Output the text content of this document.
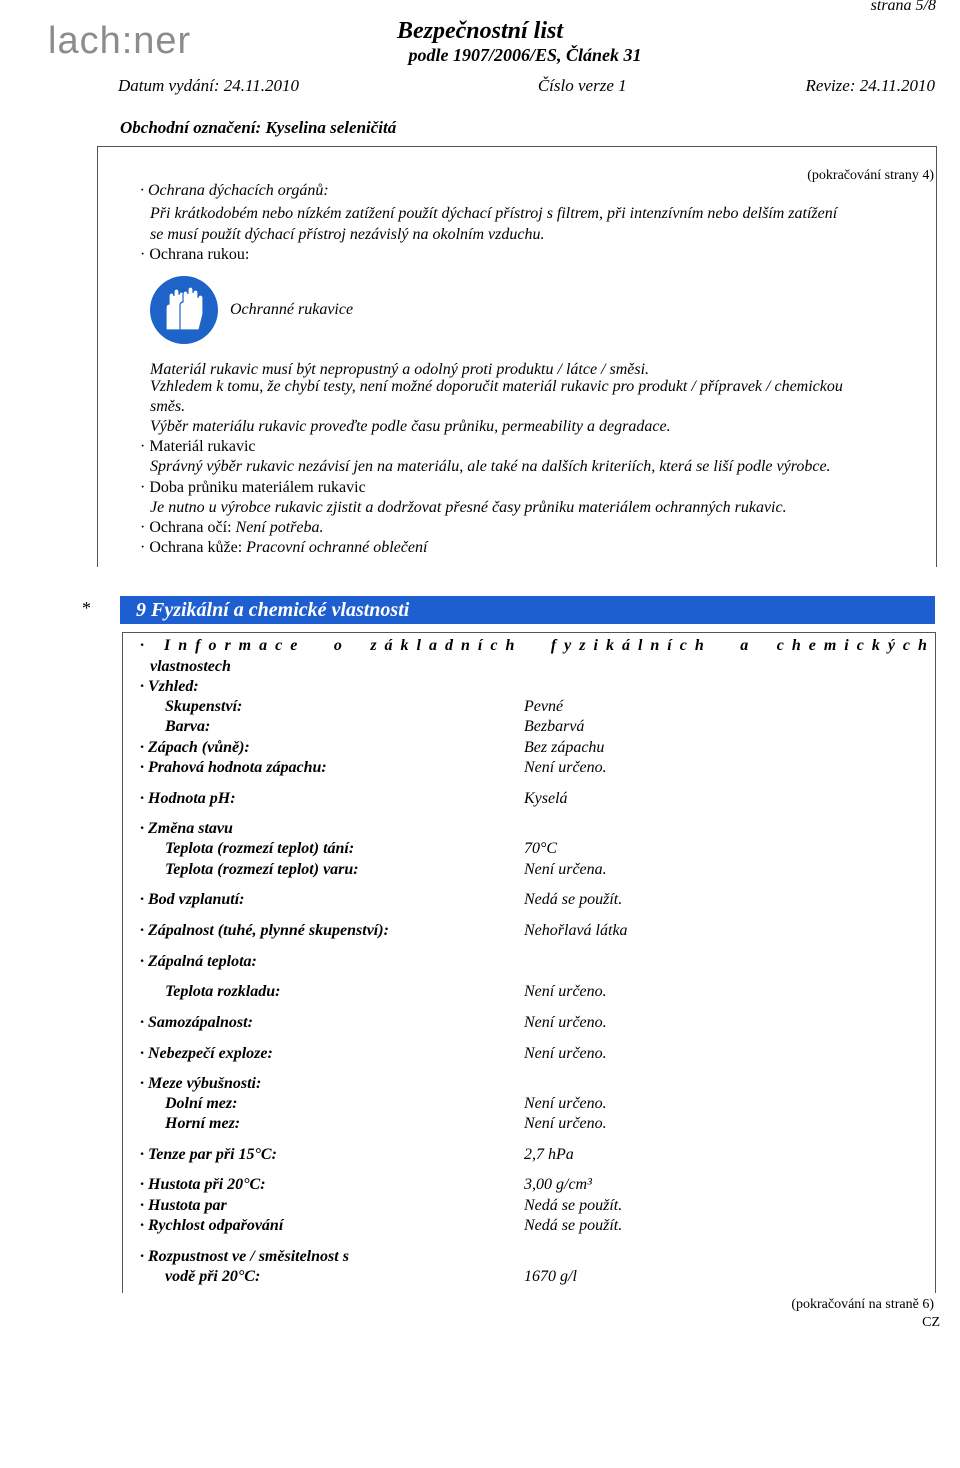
lach:ner
strana 5/8
Bezpečnostní list
podle 1907/2006/ES, Článek 31
Datum vydání: 24.11.2010	Číslo verze 1	Revize: 24.11.2010
Obchodní označení: Kyselina seleničitá
(pokračování strany 4)
· Ochrana dýchacích orgánů:
Při krátkodobém nebo nízkém zatížení použít dýchací přístroj s filtrem, při intenzívním nebo delším zatížení
se musí použít dýchací přístroj nezávislý na okolním vzduchu.
· Ochrana rukou:
Ochranné rukavice
Materiál rukavic musí být nepropustný a odolný proti produktu / látce / směsi.
Vzhledem k tomu, že chybí testy, není možné doporučit materiál rukavic pro produkt / přípravek / chemickou
směs.
Výběr materiálu rukavic proveďte podle času průniku, permeability a degradace.
· Materiál rukavic
Správný výběr rukavic nezávisí jen na materiálu, ale také na dalších kriteriích, která se liší podle výrobce.
· Doba průniku materiálem rukavic
Je nutno u výrobce rukavic zjistit a dodržovat přesné časy průniku materiálem ochranných rukavic.
· Ochrana očí: Není potřeba.
· Ochrana kůže: Pracovní ochranné oblečení
*	9 Fyzikální a chemické vlastnosti
· Informace o základních fyzikálních a chemických
vlastnostech
· Vzhled:
Skupenství:	Pevné
Barva:	Bezbarvá
· Zápach (vůně):	Bez zápachu
· Prahová hodnota zápachu:	Není určeno.
· Hodnota pH:	Kyselá
· Změna stavu
Teplota (rozmezí teplot) tání:	70°C
Teplota (rozmezí teplot) varu:	Není určena.
· Bod vzplanutí:	Nedá se použít.
· Zápalnost (tuhé, plynné skupenství):	Nehořlavá látka
· Zápalná teplota:
Teplota rozkladu:	Není určeno.
· Samozápalnost:	Není určeno.
· Nebezpečí exploze:	Není určeno.
· Meze výbušnosti:
Dolní mez:	Není určeno.
Horní mez:	Není určeno.
· Tenze par při 15°C:	2,7 hPa
· Hustota při 20°C:	3,00 g/cm³
· Hustota par	Nedá se použít.
· Rychlost odpařování	Nedá se použít.
· Rozpustnost ve / směsitelnost s
vodě při 20°C:	1670 g/l
(pokračování na straně 6)
CZ
